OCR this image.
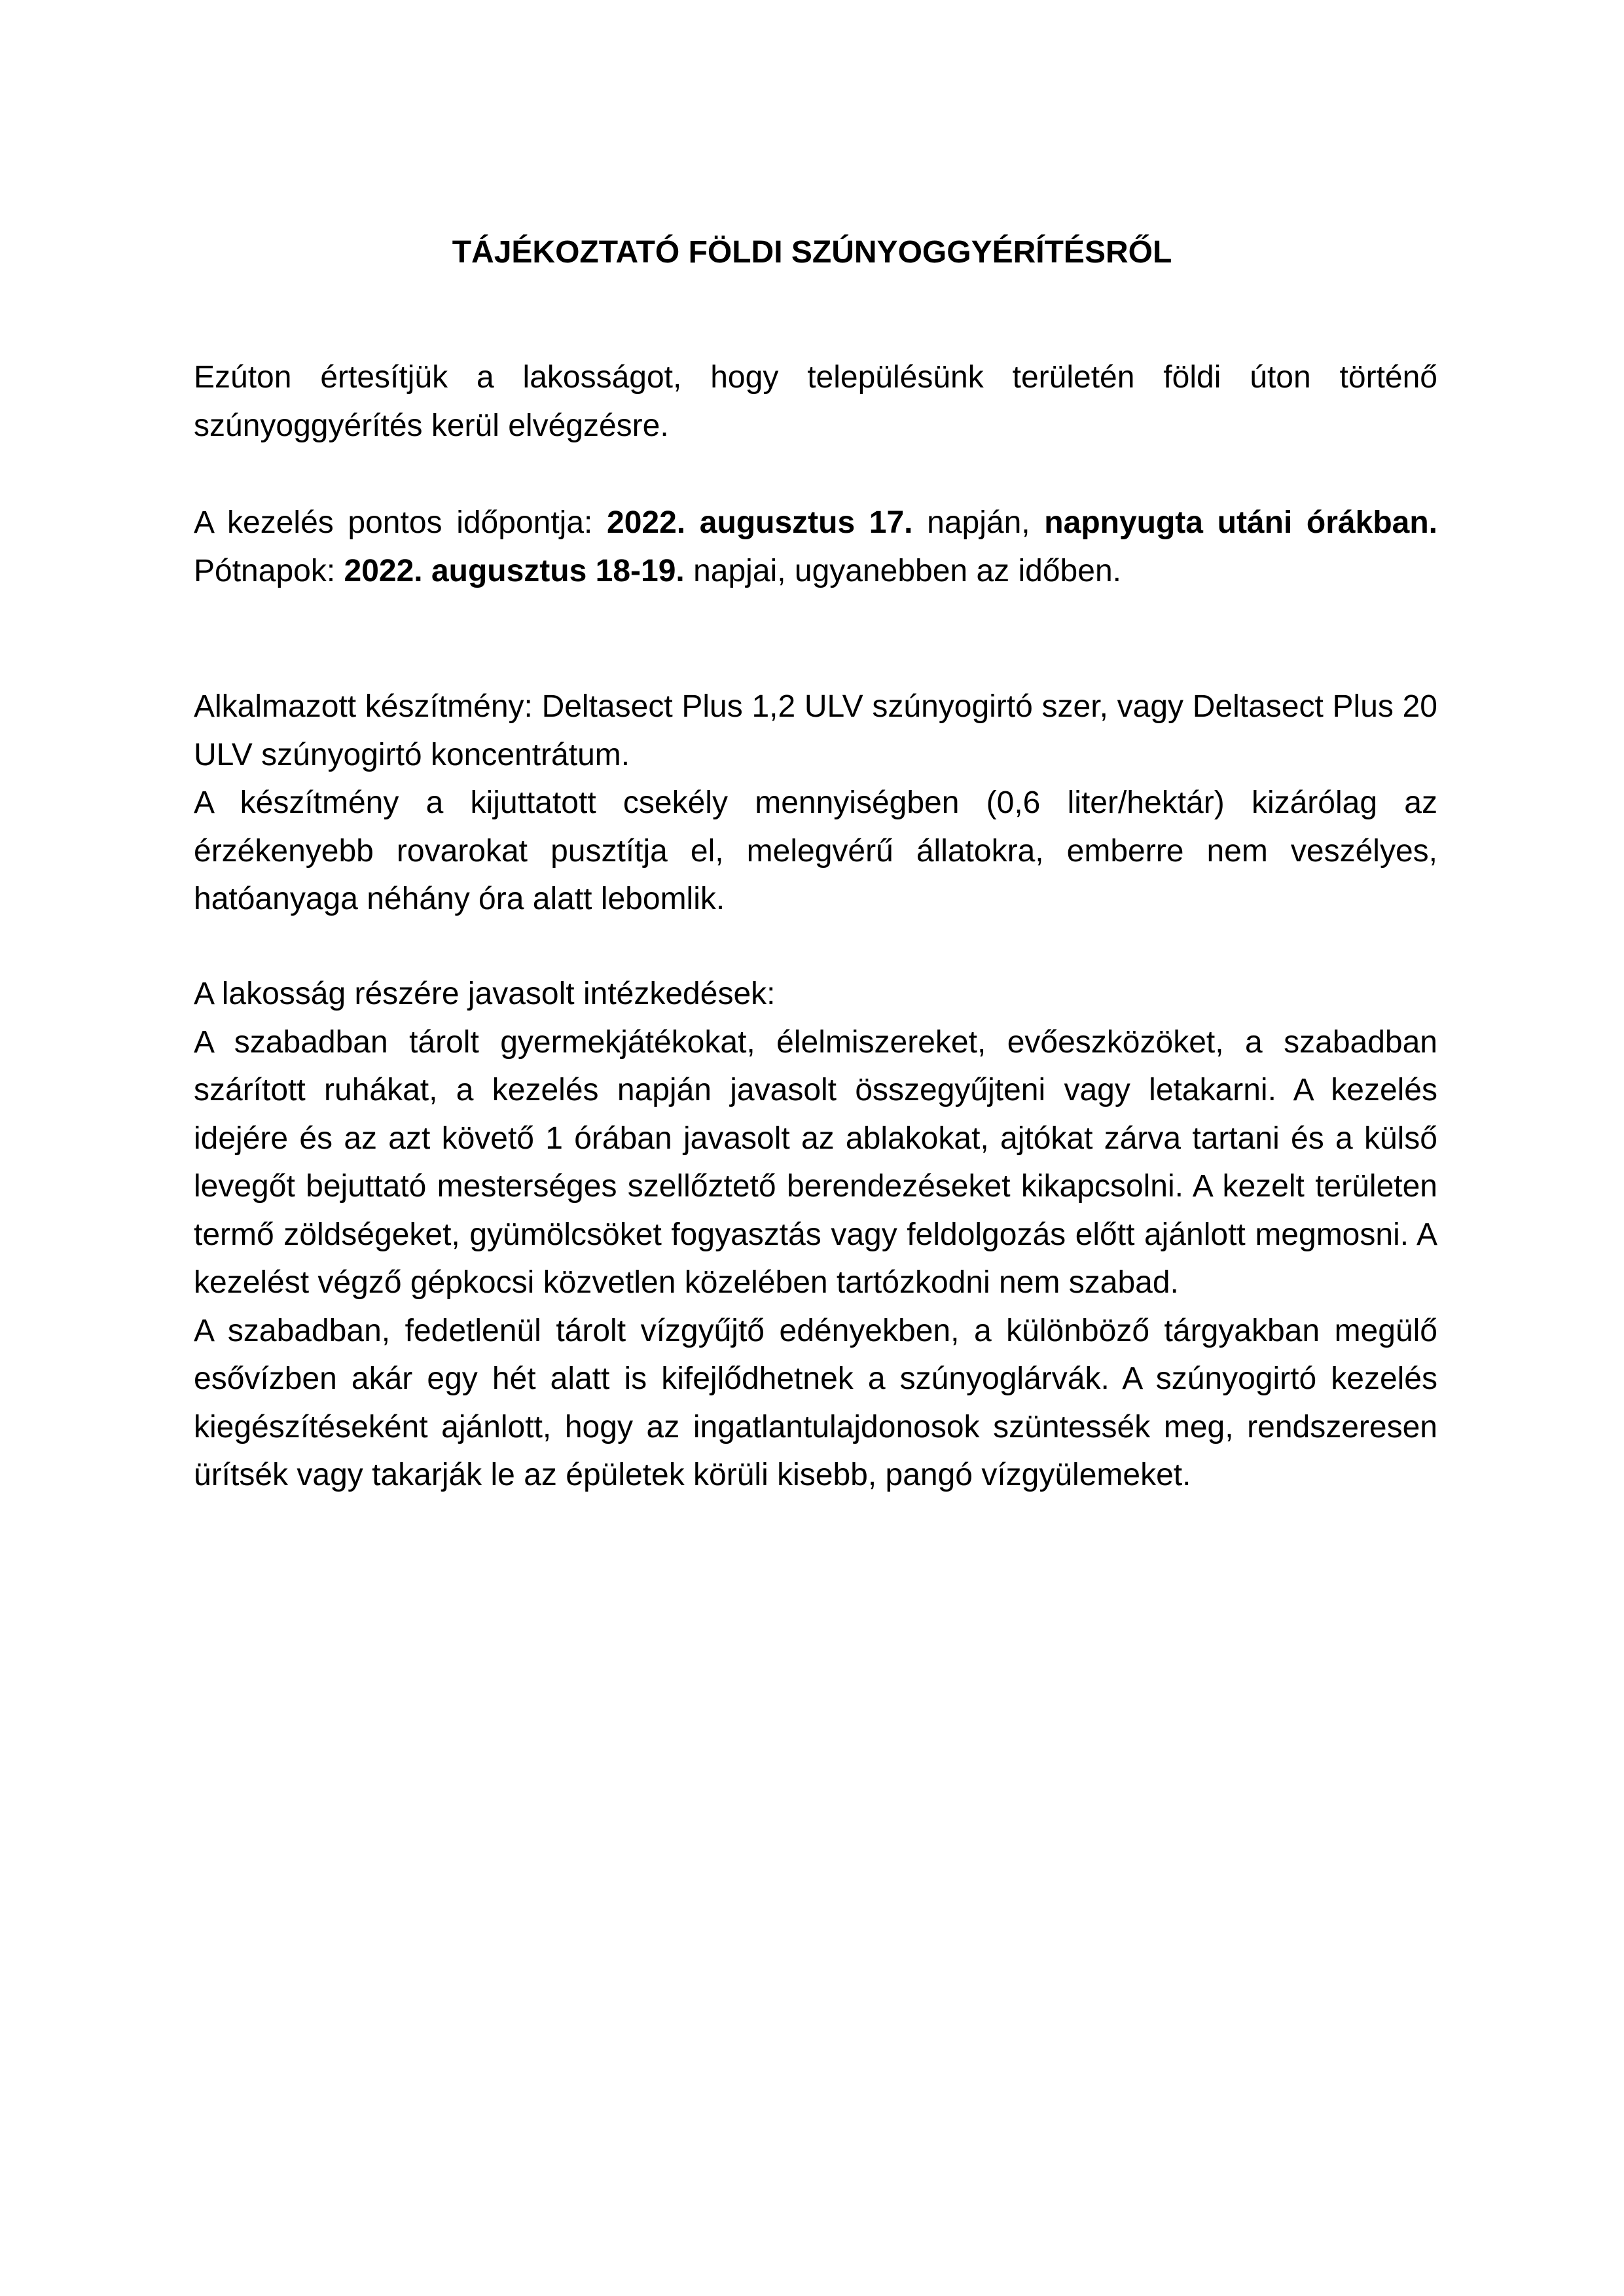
TÁJÉKOZTATÓ FÖLDI SZÚNYOGGYÉRÍTÉSRŐL

Ezúton értesítjük a lakosságot, hogy településünk területén földi úton történő szúnyoggyérítés kerül elvégzésre.

A kezelés pontos időpontja: 2022. augusztus 17. napján, napnyugta utáni órákban. Pótnapok: 2022. augusztus 18-19. napjai, ugyanebben az időben.

Alkalmazott készítmény: Deltasect Plus 1,2 ULV szúnyogirtó szer, vagy Deltasect Plus 20 ULV szúnyogirtó koncentrátum.

A készítmény a kijuttatott csekély mennyiségben (0,6 liter/hektár) kizárólag az érzékenyebb rovarokat pusztítja el, melegvérű állatokra, emberre nem veszélyes, hatóanyaga néhány óra alatt lebomlik.

A lakosság részére javasolt intézkedések:

A szabadban tárolt gyermekjátékokat, élelmiszereket, evőeszközöket, a szabadban szárított ruhákat, a kezelés napján javasolt összegyűjteni vagy letakarni. A kezelés idejére és az azt követő 1 órában javasolt az ablakokat, ajtókat zárva tartani és a külső levegőt bejuttató mesterséges szellőztető berendezéseket kikapcsolni. A kezelt területen termő zöldségeket, gyümölcsöket fogyasztás vagy feldolgozás előtt ajánlott megmosni. A kezelést végző gépkocsi közvetlen közelében tartózkodni nem szabad.

A szabadban, fedetlenül tárolt vízgyűjtő edényekben, a különböző tárgyakban megülő esővízben akár egy hét alatt is kifejlődhetnek a szúnyoglárvák. A szúnyogirtó kezelés kiegészítéseként ajánlott, hogy az ingatlantulajdonosok szüntessék meg, rendszeresen ürítsék vagy takarják le az épületek körüli kisebb, pangó vízgyülemeket.
